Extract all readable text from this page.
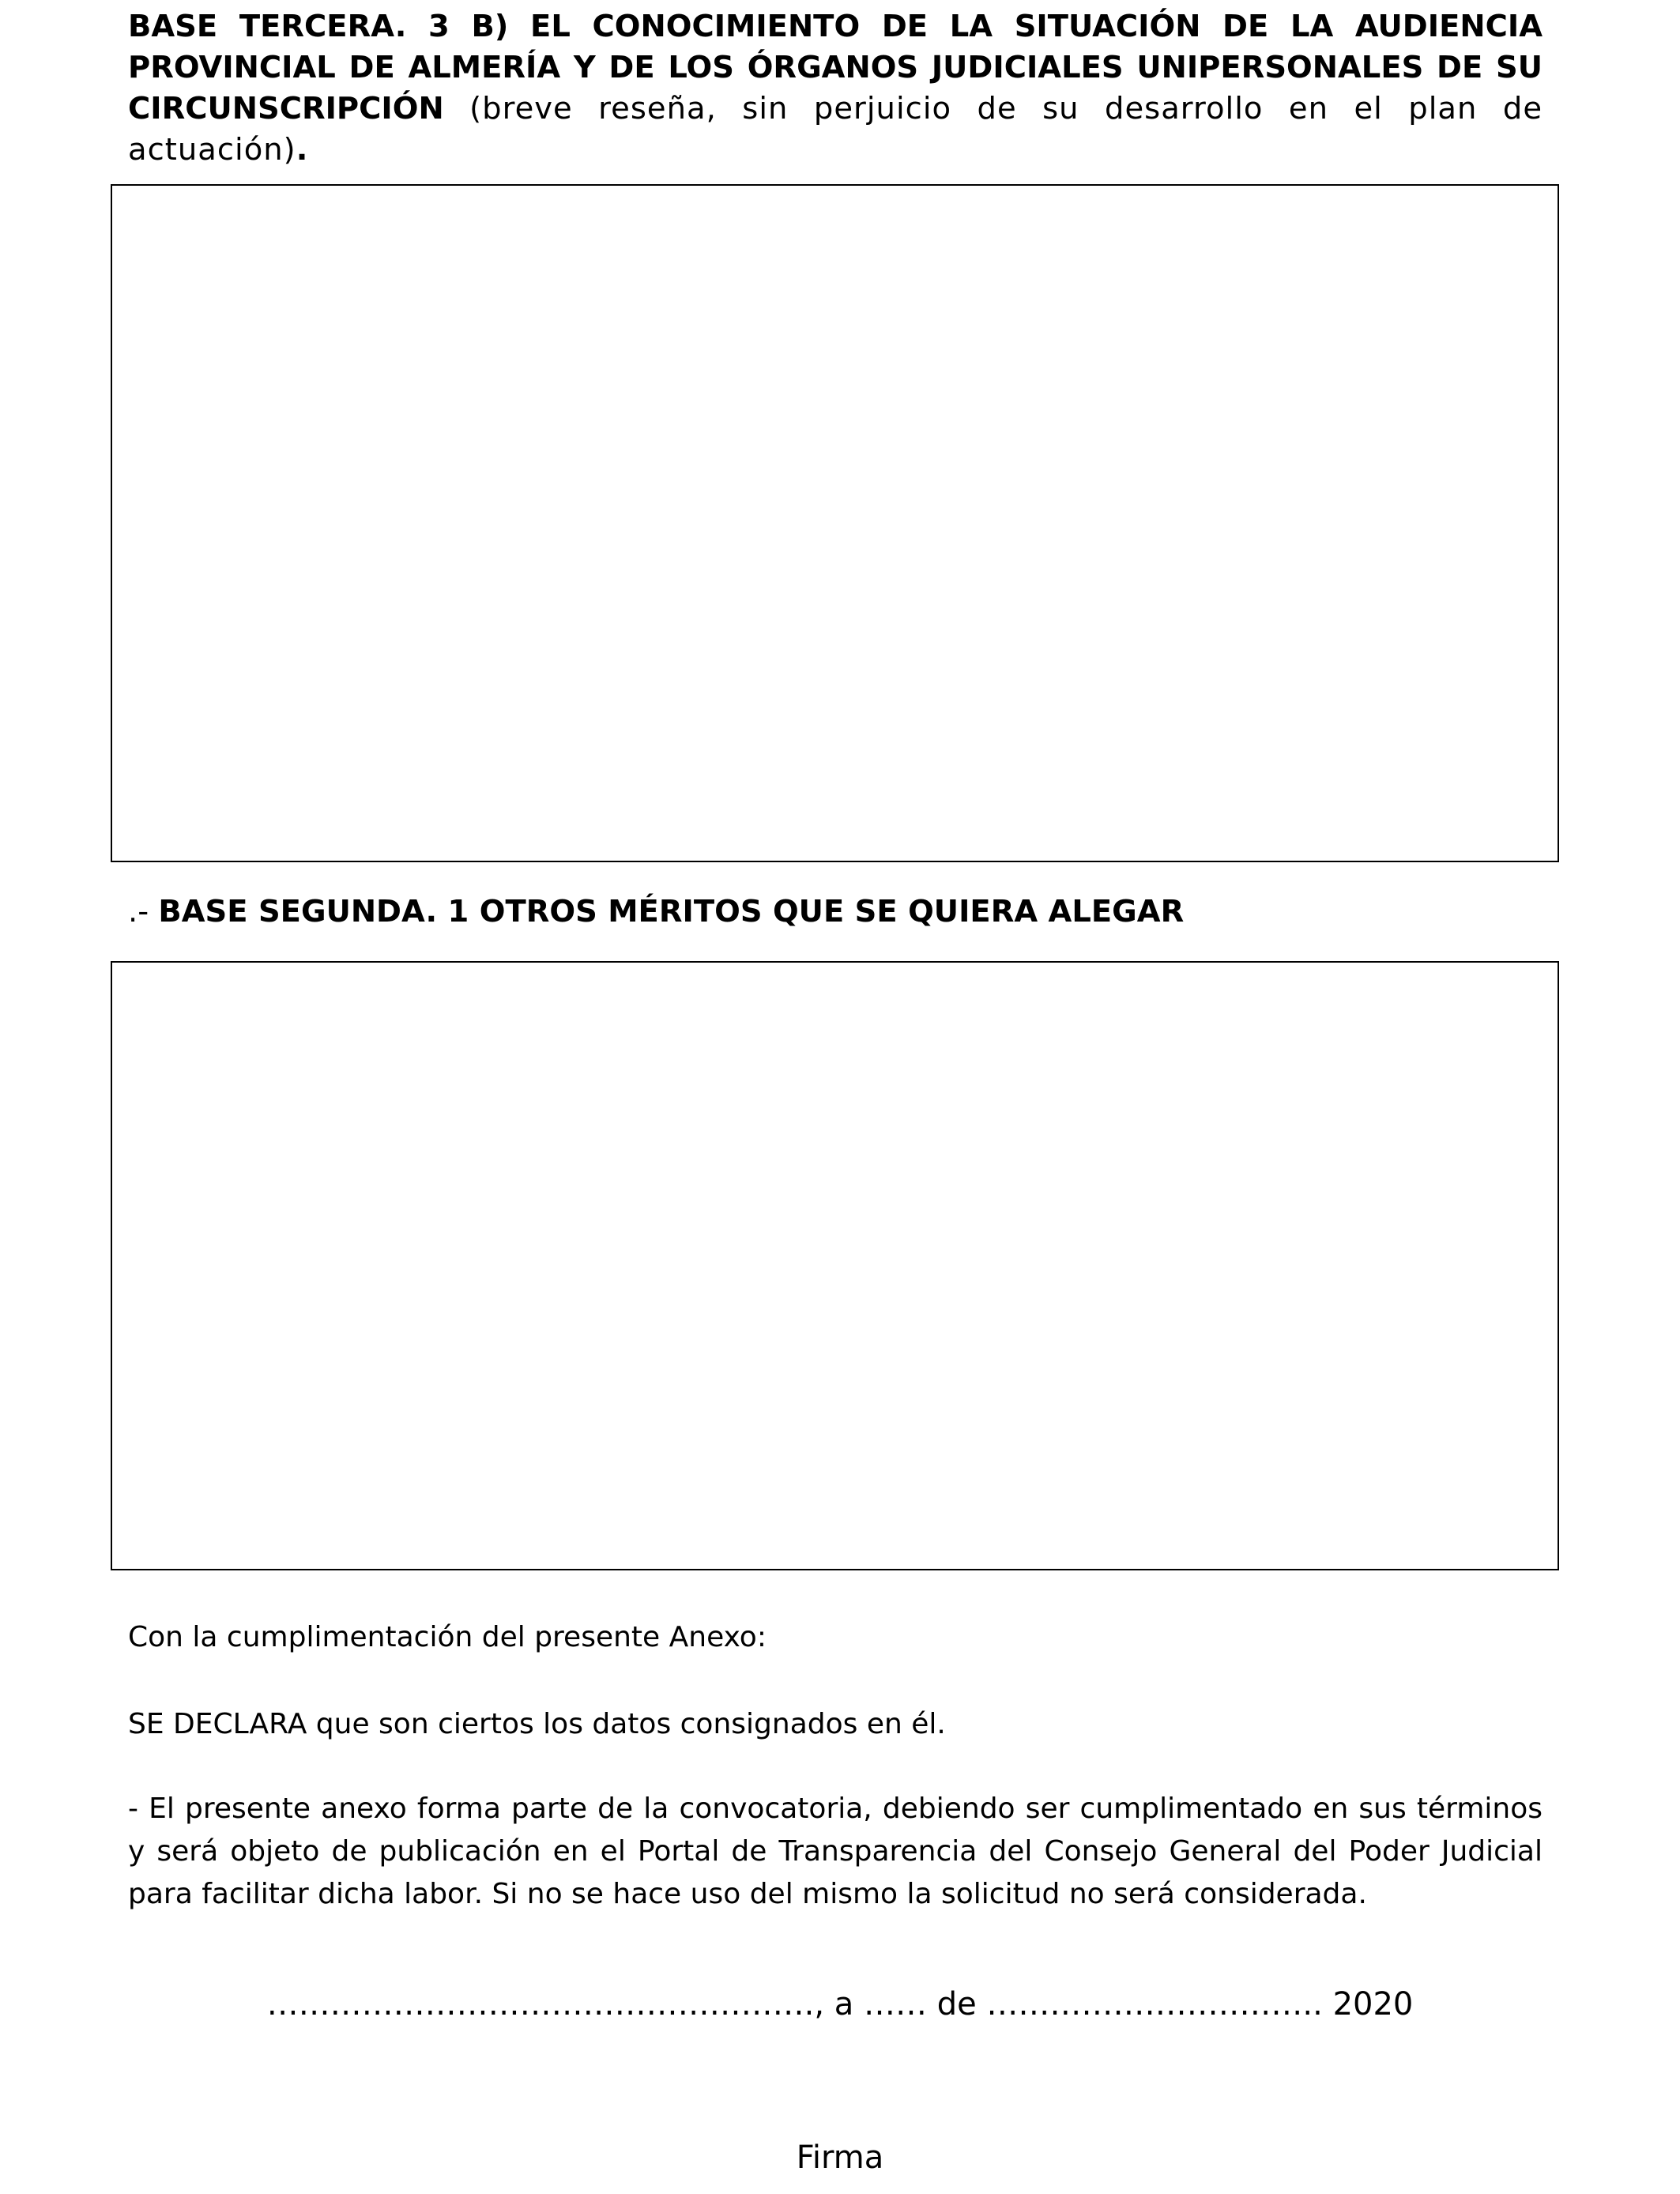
BASE TERCERA. 3 B) EL CONOCIMIENTO DE LA SITUACIÓN DE LA AUDIENCIA PROVINCIAL DE ALMERÍA Y DE LOS ÓRGANOS JUDICIALES UNIPERSONALES DE SU CIRCUNSCRIPCIÓN (breve reseña, sin perjuicio de su desarrollo en el plan de actuación).
.- BASE SEGUNDA. 1 OTROS MÉRITOS QUE SE QUIERA ALEGAR
Con la cumplimentación del presente Anexo:
SE DECLARA que son ciertos los datos consignados en él.
- El presente anexo forma parte de la convocatoria, debiendo ser cumplimentado en sus términos y será objeto de publicación en el Portal de Transparencia del Consejo General del Poder Judicial para facilitar dicha labor. Si no se hace uso del mismo la solicitud no será considerada.
……………………………………………., a …… de ………………………….. 2020
Firma
